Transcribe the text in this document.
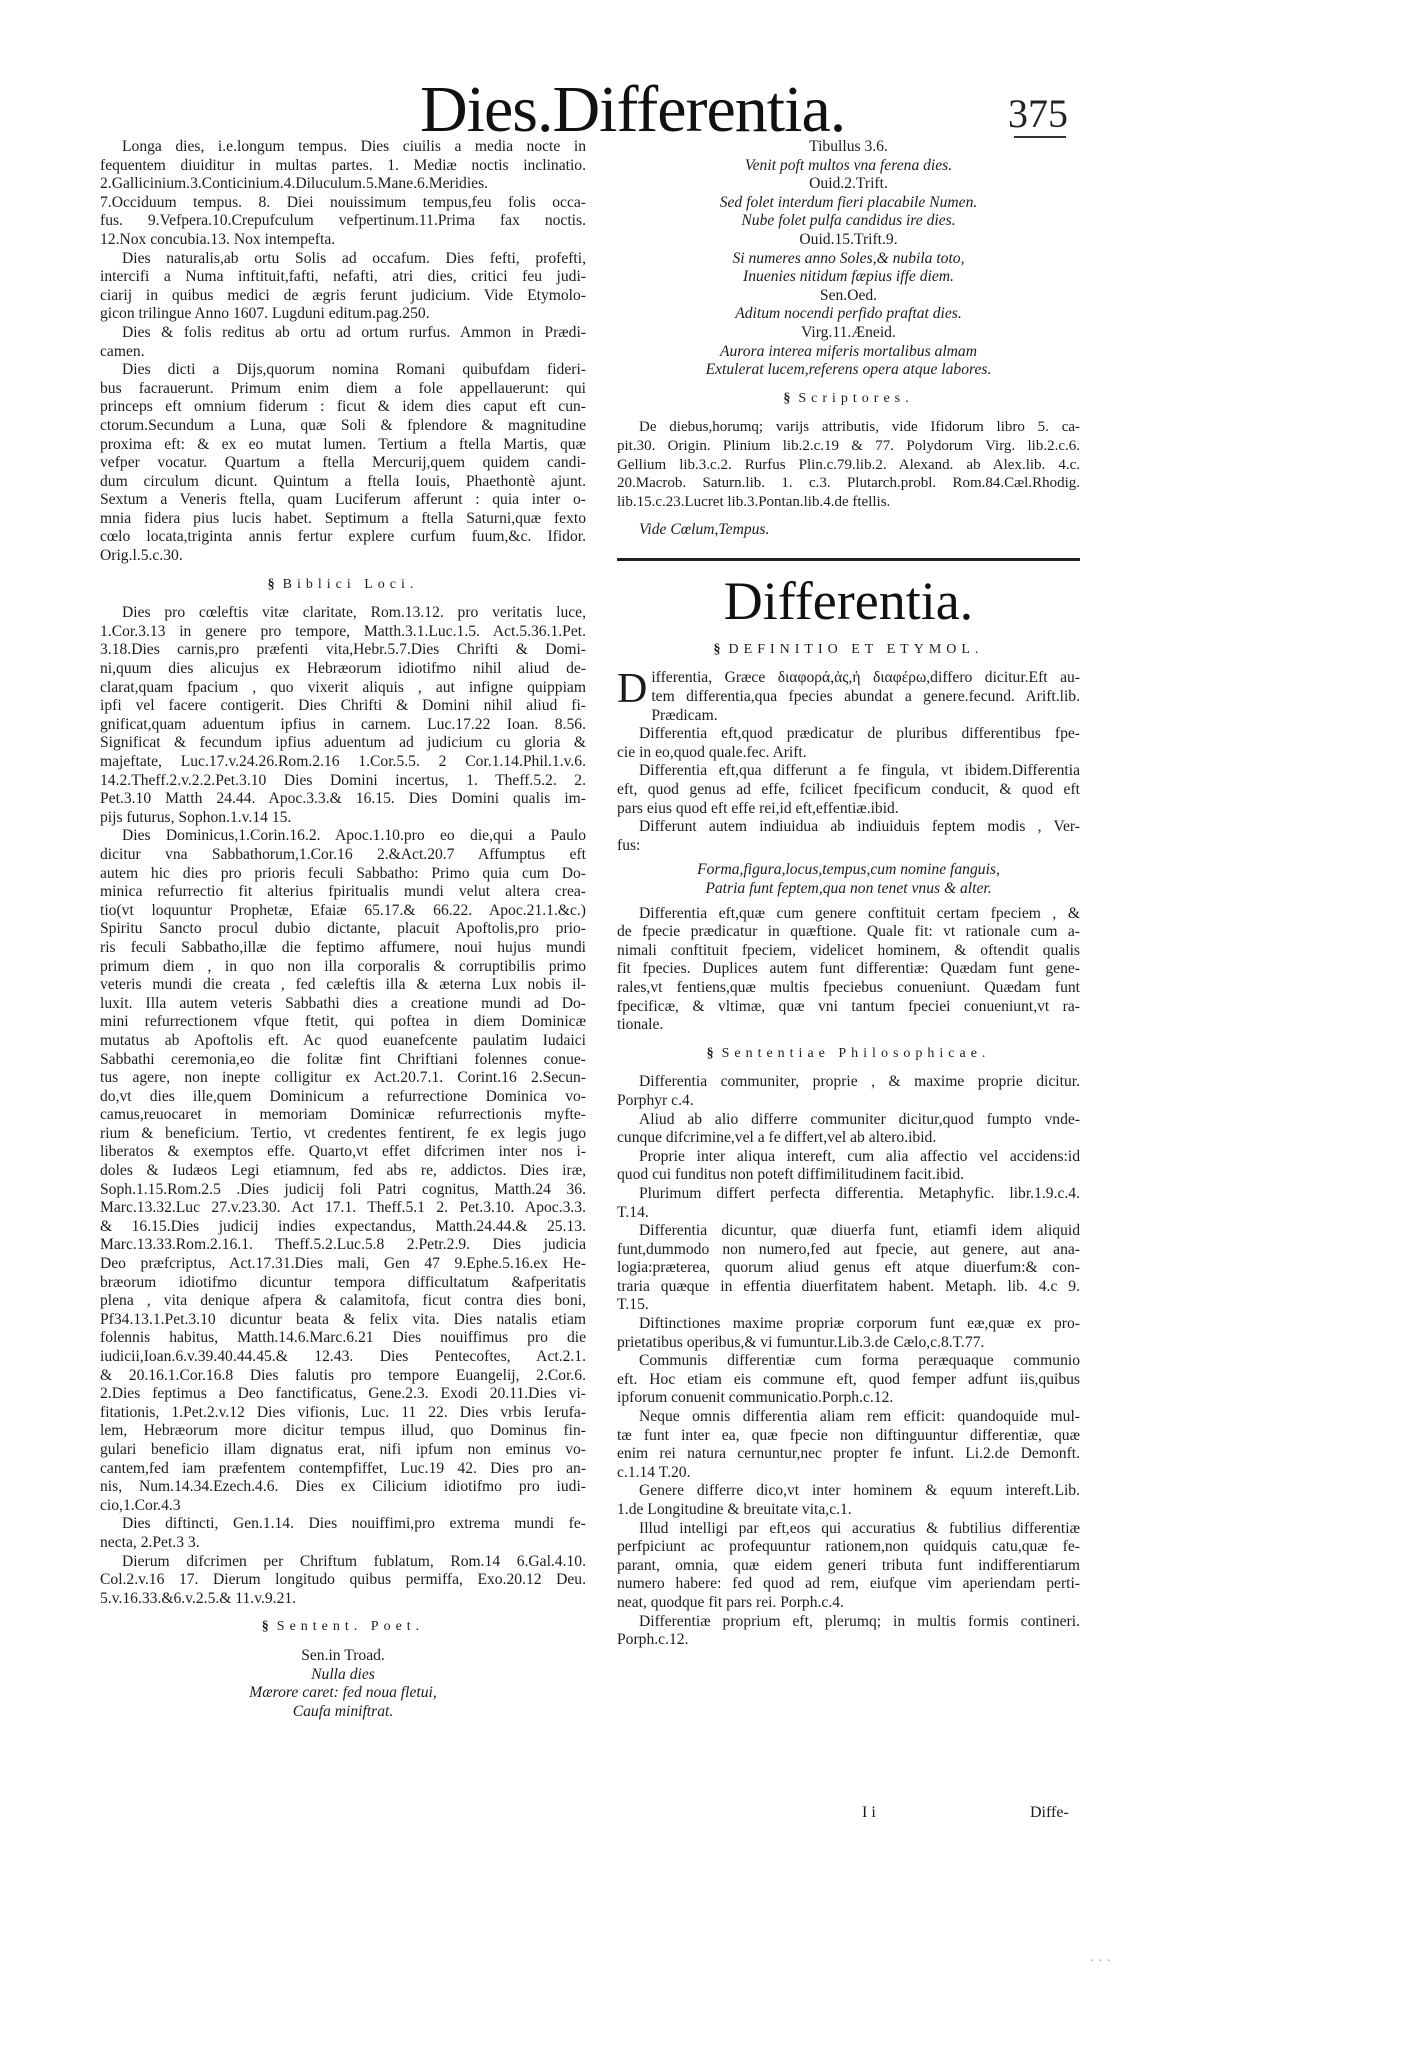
Dies.Differentia.	375

Longa dies, i.e.longum tempus. Dies ciuilis a media nocte in
fequentem diuiditur in multas partes. 1. Mediæ noctis inclinatio.
2.Gallicinium.3.Conticinium.4.Diluculum.5.Mane.6.Meridies.
7.Occiduum tempus. 8. Diei nouissimum tempus,feu folis occa-
fus. 9.Vefpera.10.Crepufculum vefpertinum.11.Prima fax noctis.
12.Nox concubia.13. Nox intempefta.

Dies naturalis,ab ortu Solis ad occafum. Dies fefti, profefti,
intercifi a Numa inftituit,fafti, nefafti, atri dies, critici feu judi-
ciarij in quibus medici de ægris ferunt judicium. Vide Etymolo-
gicon trilingue Anno 1607. Lugduni editum.pag.250.

Dies & folis reditus ab ortu ad ortum rurfus. Ammon in Prædi-
camen.

Dies dicti a Dijs,quorum nomina Romani quibufdam fideri-
bus facrauerunt. Primum enim diem a fole appellauerunt: qui
princeps eft omnium fiderum : ficut & idem dies caput eft cun-
ctorum.Secundum a Luna, quæ Soli & fplendore & magnitudine
proxima eft: & ex eo mutat lumen. Tertium a ftella Martis, quæ
vefper vocatur. Quartum a ftella Mercurij,quem quidem candi-
dum circulum dicunt. Quintum a ftella Iouis, Phaethontè ajunt.
Sextum a Veneris ftella, quam Luciferum afferunt : quia inter o-
mnia fidera pius lucis habet. Septimum a ftella Saturni,quæ fexto
cœlo locata,triginta annis fertur explere curfum fuum,&c. Ifidor.
Orig.l.5.c.30.

§ Biblici Loci.

Dies pro cœleftis vitæ claritate, Rom.13.12. pro veritatis luce,
1.Cor.3.13 in genere pro tempore, Matth.3.1.Luc.1.5. Act.5.36.1.Pet.
3.18.Dies carnis,pro præfenti vita,Hebr.5.7.Dies Chrifti & Domi-
ni,quum dies alicujus ex Hebræorum idiotifmo nihil aliud de-
clarat,quam fpacium , quo vixerit aliquis , aut infigne quippiam
ipfi vel facere contigerit. Dies Chrifti & Domini nihil aliud fi-
gnificat,quam aduentum ipfius in carnem. Luc.17.22 Ioan. 8.56.
Significat & fecundum ipfius aduentum ad judicium cu gloria &
majeftate, Luc.17.v.24.26.Rom.2.16 1.Cor.5.5. 2 Cor.1.14.Phil.1.v.6.
14.2.Theff.2.v.2.2.Pet.3.10 Dies Domini incertus, 1. Theff.5.2. 2.
Pet.3.10 Matth 24.44. Apoc.3.3.& 16.15. Dies Domini qualis im-
pijs futurus, Sophon.1.v.14 15.

Dies Dominicus,1.Corin.16.2. Apoc.1.10.pro eo die,qui a Paulo
dicitur vna Sabbathorum,1.Cor.16 2.&Act.20.7 Affumptus eft
autem hic dies pro prioris feculi Sabbatho: Primo quia cum Do-
minica refurrectio fit alterius fpiritualis mundi velut altera crea-
tio(vt loquuntur Prophetæ, Efaiæ 65.17.& 66.22. Apoc.21.1.&c.)
Spiritu Sancto procul dubio dictante, placuit Apoftolis,pro prio-
ris feculi Sabbatho,illæ die feptimo affumere, noui hujus mundi
primum diem , in quo non illa corporalis & corruptibilis primo
veteris mundi die creata , fed cæleftis illa & æterna Lux nobis il-
luxit. Illa autem veteris Sabbathi dies a creatione mundi ad Do-
mini refurrectionem vfque ftetit, qui poftea in diem Dominicæ
mutatus ab Apoftolis eft. Ac quod euanefcente paulatim Iudaici
Sabbathi ceremonia,eo die folitæ fint Chriftiani folennes conue-
tus agere, non inepte colligitur ex Act.20.7.1. Corint.16 2.Secun-
do,vt dies ille,quem Dominicum a refurrectione Dominica vo-
camus,reuocaret in memoriam Dominicæ refurrectionis myfte-
rium & beneficium. Tertio, vt credentes fentirent, fe ex legis jugo
liberatos & exemptos effe. Quarto,vt effet difcrimen inter nos i-
doles & Iudæos Legi etiamnum, fed abs re, addictos. Dies iræ,
Soph.1.15.Rom.2.5 .Dies judicij foli Patri cognitus, Matth.24 36.
Marc.13.32.Luc 27.v.23.30. Act 17.1. Theff.5.1 2. Pet.3.10. Apoc.3.3.
& 16.15.Dies judicij indies expectandus, Matth.24.44.& 25.13.
Marc.13.33.Rom.2.16.1. Theff.5.2.Luc.5.8 2.Petr.2.9. Dies judicia
Deo præfcriptus, Act.17.31.Dies mali, Gen 47 9.Ephe.5.16.ex He-
bræorum idiotifmo dicuntur tempora difficultatum &afperitatis
plena , vita denique afpera & calamitofa, ficut contra dies boni,
Pf34.13.1.Pet.3.10 dicuntur beata & felix vita. Dies natalis etiam
folennis habitus, Matth.14.6.Marc.6.21 Dies nouiffimus pro die
iudicii,Ioan.6.v.39.40.44.45.& 12.43. Dies Pentecoftes, Act.2.1.
& 20.16.1.Cor.16.8 Dies falutis pro tempore Euangelij, 2.Cor.6.
2.Dies feptimus a Deo fanctificatus, Gene.2.3. Exodi 20.11.Dies vi-
fitationis, 1.Pet.2.v.12 Dies vifionis, Luc. 11 22. Dies vrbis Ierufa-
lem, Hebræorum more dicitur tempus illud, quo Dominus fin-
gulari beneficio illam dignatus erat, nifi ipfum non eminus vo-
cantem,fed iam præfentem contempfiffet, Luc.19 42. Dies pro an-
nis, Num.14.34.Ezech.4.6. Dies ex Cilicium idiotifmo pro iudi-
cio,1.Cor.4.3

Dies diftincti, Gen.1.14. Dies nouiffimi,pro extrema mundi fe-
necta, 2.Pet.3 3.

Dierum difcrimen per Chriftum fublatum, Rom.14 6.Gal.4.10.
Col.2.v.16 17. Dierum longitudo quibus permiffa, Exo.20.12 Deu.
5.v.16.33.&6.v.2.5.& 11.v.9.21.

§ Sentent. Poet.
Sen.in Troad.
Nulla dies
Mærore caret: fed noua fletui,
Caufa miniftrat.
Tibullus 3.6.
Venit poft multos vna ferena dies.
Ouid.2.Trift.
Sed folet interdum fieri placabile Numen.
Nube folet pulfa candidus ire dies.
Ouid.15.Trift.9.
Si numeres anno Soles,& nubila toto,
Inuenies nitidum fæpius iffe diem.
Sen.Oed.
Aditum nocendi perfido praftat dies.
Virg.11.Æneid.
Aurora interea miferis mortalibus almam
Extulerat lucem,referens opera atque labores.
§ Scriptores.
De diebus,horumq; varijs attributis, vide Ifidorum libro 5. ca-
pit.30. Origin. Plinium lib.2.c.19 & 77. Polydorum Virg. lib.2.c.6.
Gellium lib.3.c.2. Rurfus Plin.c.79.lib.2. Alexand. ab Alex.lib. 4.c.
20.Macrob. Saturn.lib. 1. c.3. Plutarch.probl. Rom.84.Cæl.Rhodig.
lib.15.c.23.Lucret lib.3.Pontan.lib.4.de ftellis.

Vide Cœlum,Tempus.

Differentia.
§ DEFINITIO ET ETYMOL.

D ifferentia, Græce διαφορά,ἀς,ἡ διαφέρω,differo dicitur.Eft au-
tem differentia,qua fpecies abundat a genere.fecund. Arift.lib.
Prædicam.

Differentia eft,quod prædicatur de pluribus differentibus fpe-
cie in eo,quod quale.fec. Arift.

Differentia eft,qua differunt a fe fingula, vt ibidem.Differentia
eft, quod genus ad effe, fcilicet fpecificum conducit, & quod eft
pars eius quod eft effe rei,id eft,effentiæ.ibid.

Differunt autem indiuidua ab indiuiduis feptem modis , Ver-
fus:

Forma,figura,locus,tempus,cum nomine fanguis,
Patria funt feptem,qua non tenet vnus & alter.

Differentia eft,quæ cum genere conftituit certam fpeciem , &
de fpecie prædicatur in quæftione. Quale fit: vt rationale cum a-
nimali conftituit fpeciem, videlicet hominem, & oftendit qualis
fit fpecies. Duplices autem funt differentiæ: Quædam funt gene-
rales,vt fentiens,quæ multis fpeciebus conueniunt. Quædam funt
fpecificæ, & vltimæ, quæ vni tantum fpeciei conueniunt,vt ra-
tionale.

§ Sententiae Philosophicae.

Differentia communiter, proprie , & maxime proprie dicitur.
Porphyr c.4.

Aliud ab alio differre communiter dicitur,quod fumpto vnde-
cunque difcrimine,vel a fe differt,vel ab altero.ibid.

Proprie inter aliqua intereft, cum alia affectio vel accidens:id
quod cui funditus non poteft diffimilitudinem facit.ibid.

Plurimum differt perfecta differentia. Metaphyfic. libr.1.9.c.4.
T.14.

Differentia dicuntur, quæ diuerfa funt, etiamfi idem aliquid
funt,dummodo non numero,fed aut fpecie, aut genere, aut ana-
logia:præterea, quorum aliud genus eft atque diuerfum:& con-
traria quæque in effentia diuerfitatem habent. Metaph. lib. 4.c 9.
T.15.

Diftinctiones maxime propriæ corporum funt eæ,quæ ex pro-
prietatibus operibus,& vi fumuntur.Lib.3.de Cælo,c.8.T.77.

Communis differentiæ cum forma peræquaque communio
eft. Hoc etiam eis commune eft, quod femper adfunt iis,quibus
ipforum conuenit communicatio.Porph.c.12.

Neque omnis differentia aliam rem efficit: quandoquide mul-
tæ funt inter ea, quæ fpecie non diftinguuntur differentiæ, quæ
enim rei natura cernuntur,nec propter fe infunt. Li.2.de Demonft.
c.1.14 T.20.

Genere differre dico,vt inter hominem & equum intereft.Lib.
1.de Longitudine & breuitate vita,c.1.

Illud intelligi par eft,eos qui accuratius & fubtilius differentiæ
perfpiciunt ac profequuntur rationem,non quidquis catu,quæ fe-
parant, omnia, quæ eidem generi tributa funt indifferentiarum
numero habere: fed quod ad rem, eiufque vim aperiendam perti-
neat, quodque fit pars rei. Porph.c.4.

Differentiæ proprium eft, plerumq; in multis formis contineri.
Porph.c.12.

I i	Diffe-
· · ·
